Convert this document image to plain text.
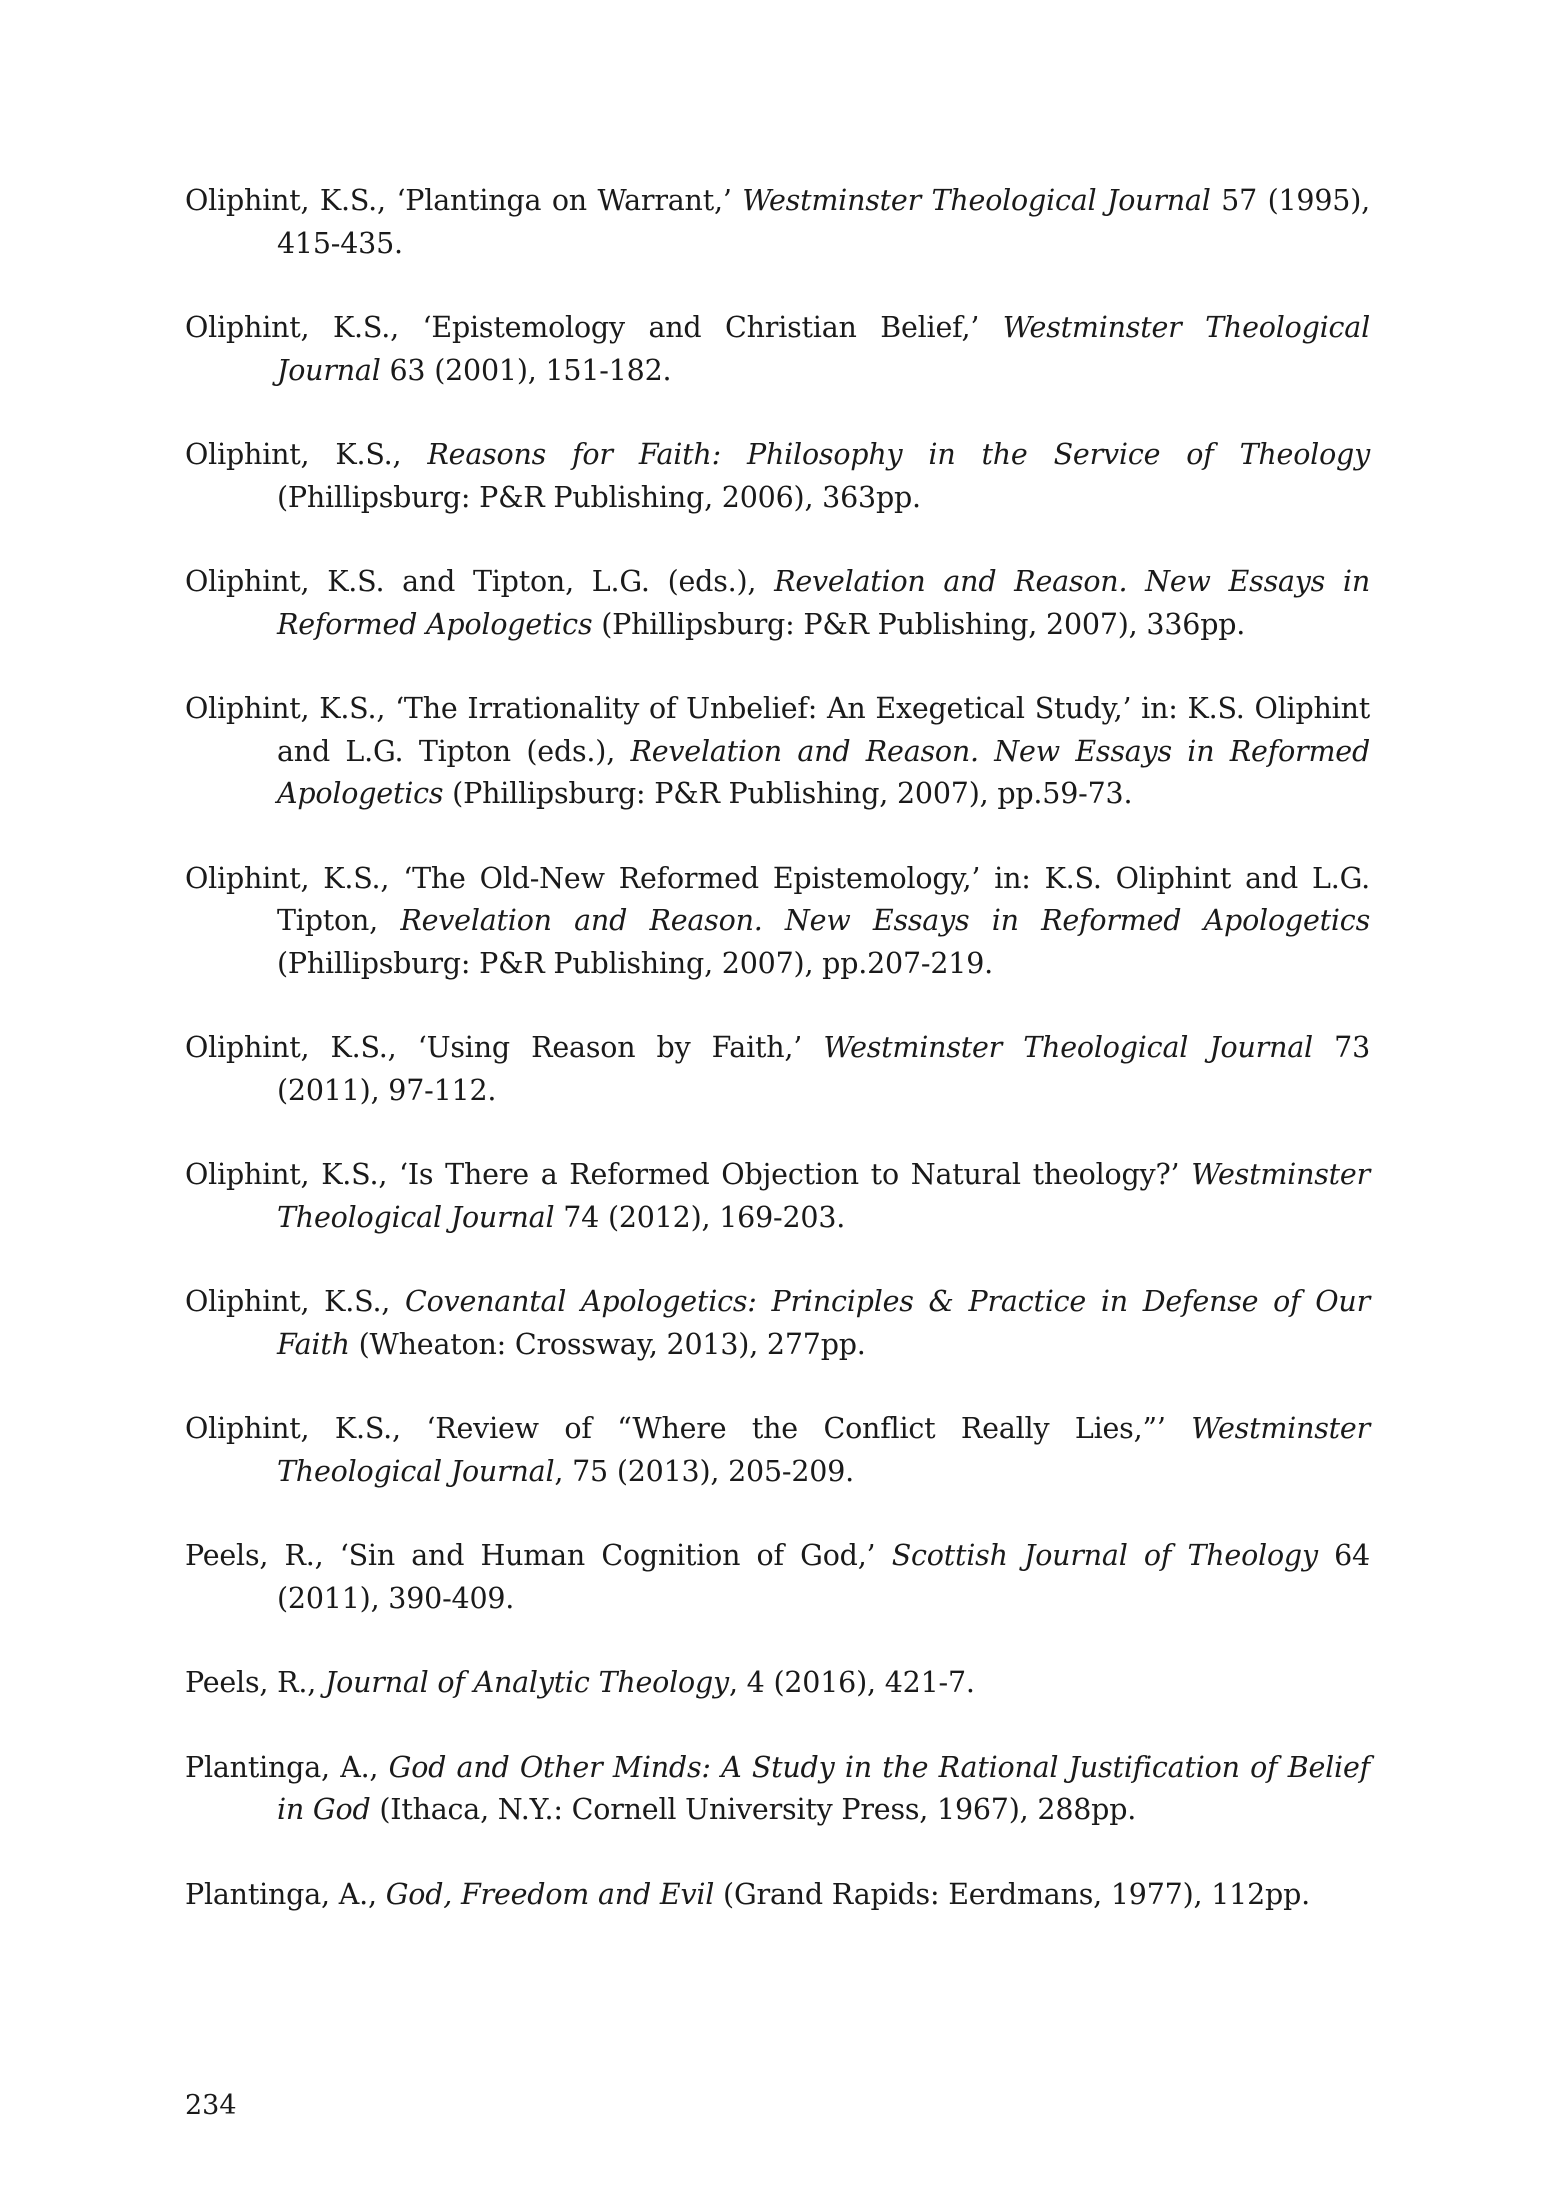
Oliphint, K.S., ‘Plantinga on Warrant,’ Westminster Theological Journal 57 (1995), 415-435.

Oliphint, K.S., ‘Epistemology and Christian Belief,’ Westminster Theological Journal 63 (2001), 151-182.

Oliphint, K.S., Reasons for Faith: Philosophy in the Service of Theology (Phillipsburg: P&R Publishing, 2006), 363pp.

Oliphint, K.S. and Tipton, L.G. (eds.), Revelation and Reason. New Essays in Reformed Apologetics (Phillipsburg: P&R Publishing, 2007), 336pp.

Oliphint, K.S., ‘The Irrationality of Unbelief: An Exegetical Study,’ in: K.S. Oliphint and L.G. Tipton (eds.), Revelation and Reason. New Essays in Reformed Apologetics (Phillipsburg: P&R Publishing, 2007), pp.59-73.

Oliphint, K.S., ‘The Old-New Reformed Epistemology,’ in: K.S. Oliphint and L.G. Tipton, Revelation and Reason. New Essays in Reformed Apologetics (Phillipsburg: P&R Publishing, 2007), pp.207-219.

Oliphint, K.S., ‘Using Reason by Faith,’ Westminster Theological Journal 73 (2011), 97-112.

Oliphint, K.S., ‘Is There a Reformed Objection to Natural theology?’ Westminster Theological Journal 74 (2012), 169-203.

Oliphint, K.S., Covenantal Apologetics: Principles & Practice in Defense of Our Faith (Wheaton: Crossway, 2013), 277pp.

Oliphint, K.S., ‘Review of “Where the Conflict Really Lies,”’ Westminster Theological Journal, 75 (2013), 205-209.

Peels, R., ‘Sin and Human Cognition of God,’ Scottish Journal of Theology 64 (2011), 390-409.

Peels, R., Journal of Analytic Theology, 4 (2016), 421-7.

Plantinga, A., God and Other Minds: A Study in the Rational Justification of Belief in God (Ithaca, N.Y.: Cornell University Press, 1967), 288pp.

Plantinga, A., God, Freedom and Evil (Grand Rapids: Eerdmans, 1977), 112pp.

234
